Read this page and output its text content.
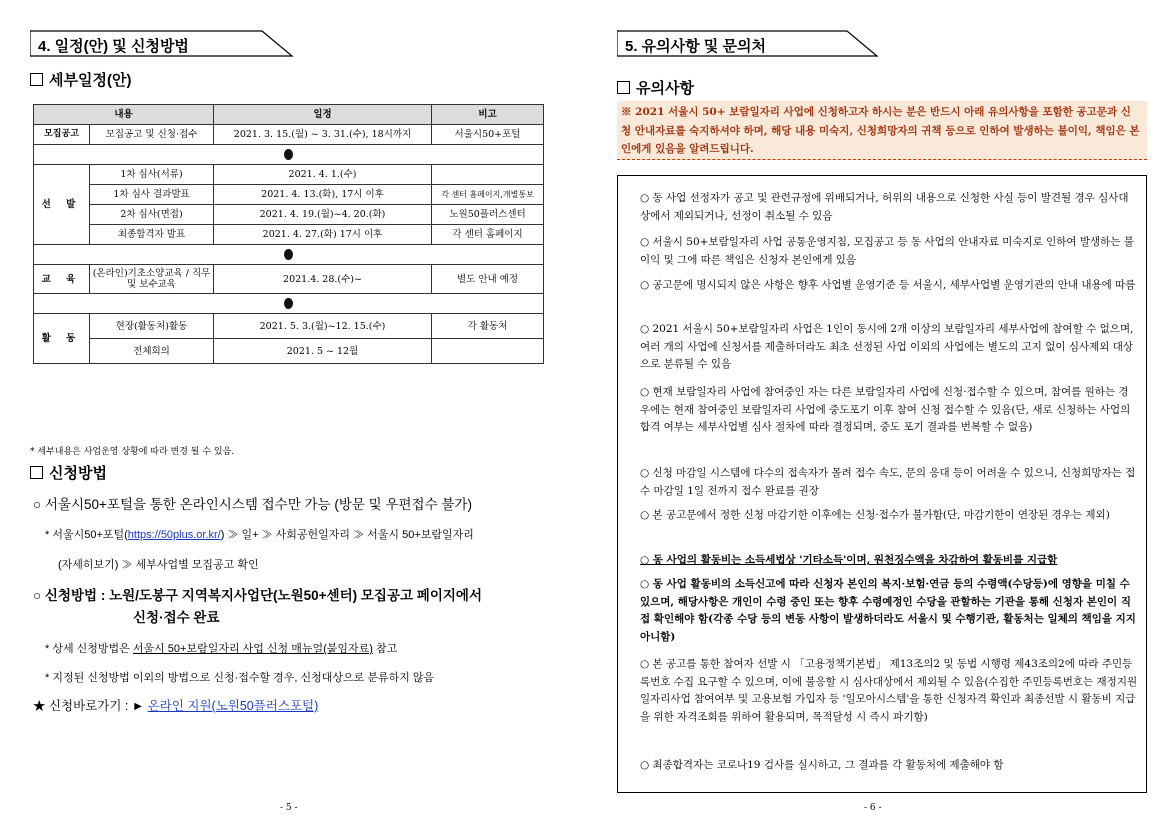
4. 일정(안) 및 신청방법
세부일정(안)
내용		일정	비고
모집공고	모집공고 및 신청·접수	2021. 3. 15.(월) ~ 3. 31.(수), 18시까지	서울시50+포털

선 발	1차 심사(서류)	2021. 4. 1.(수)	
	1차 심사 결과발표	2021. 4. 13.(화), 17시 이후	각 센터 홈페이지,개별통보
	2차 심사(면접)	2021. 4. 19.(월)~4. 20.(화)	노원50플러스센터
	최종합격자 발표	2021. 4. 27.(화) 17시 이후	각 센터 홈페이지

교 육	(온라인)기초소양교육 / 직무 및 보수교육	2021.4. 28.(수)~	별도 안내 예정

활 동	현장(활동처)활동	2021. 5. 3.(월)~12. 15.(수)	각 활동처
	전체회의	2021. 5 ~ 12월	
* 세부내용은 사업운영 상황에 따라 변경 될 수 있음.
신청방법
○ 서울시50+포털을 통한 온라인시스템 접수만 가능 (방문 및 우편접수 불가)
* 서울시50+포털(https://50plus.or.kr/) ≫ 일+ ≫ 사회공헌일자리 ≫ 서울시 50+보람일자리
(자세히보기) ≫ 세부사업별 모집공고 확인
○ 신청방법 : 노원/도봉구 지역복지사업단(노원50+센터) 모집공고 페이지에서
신청·접수 완료
* 상세 신청방법은 서울시 50+보람일자리 사업 신청 매뉴얼(붙임자료) 참고
* 지정된 신청방법 이외의 방법으로 신청·접수할 경우, 신청대상으로 분류하지 않음
★ 신청바로가기 : ► 온라인 지원(노원50플러스포털)
- 5 -
5. 유의사항 및 문의처
유의사항
※ 2021 서울시 50+ 보람일자리 사업에 신청하고자 하시는 분은 반드시 아래 유의사항을 포함한 공고문과 신청 안내자료를 숙지하셔야 하며, 해당 내용 미숙지, 신청희망자의 귀책 등으로 인하여 발생하는 불이익, 책임은 본인에게 있음을 알려드립니다.
○ 동 사업 선정자가 공고 및 관련규정에 위배되거나, 허위의 내용으로 신청한 사실 등이 발견될 경우 심사대상에서 제외되거나, 선정이 취소될 수 있음
○ 서울시 50+보람일자리 사업 공통운영지침, 모집공고 등 동 사업의 안내자료 미숙지로 인하여 발생하는 불이익 및 그에 따른 책임은 신청자 본인에게 있음
○ 공고문에 명시되지 않은 사항은 향후 사업별 운영기준 등 서울시, 세부사업별 운영기관의 안내 내용에 따름
○ 2021 서울시 50+보람일자리 사업은 1인이 동시에 2개 이상의 보람일자리 세부사업에 참여할 수 없으며, 여러 개의 사업에 신청서를 제출하더라도 최초 선정된 사업 이외의 사업에는 별도의 고지 없이 심사제외 대상으로 분류될 수 있음
○ 현재 보람일자리 사업에 참여중인 자는 다른 보람일자리 사업에 신청·접수할 수 있으며, 참여를 원하는 경우에는 현재 참여중인 보람일자리 사업에 중도포기 이후 참여 신청 접수할 수 있음(단, 새로 신청하는 사업의 합격 여부는 세부사업별 심사 절차에 따라 결정되며, 중도 포기 결과를 번복할 수 없음)
○ 신청 마감일 시스템에 다수의 접속자가 몰려 접수 속도, 문의 응대 등이 어려울 수 있으니, 신청희망자는 접수 마감일 1일 전까지 접수 완료를 권장
○ 본 공고문에서 정한 신청 마감기한 이후에는 신청·접수가 불가함(단, 마감기한이 연장된 경우는 제외)
○ 동 사업의 활동비는 소득세법상 '기타소득'이며, 원천징수액을 차감하여 활동비를 지급함
○ 동 사업 활동비의 소득신고에 따라 신청자 본인의 복지·보험·연금 등의 수령액(수당등)에 영향을 미칠 수 있으며, 해당사항은 개인이 수령 중인 또는 향후 수령예정인 수당을 관할하는 기관을 통해 신청자 본인이 직접 확인해야 함(각종 수당 등의 변동 사항이 발생하더라도 서울시 및 수행기관, 활동처는 일체의 책임을 지지 아니함)
○ 본 공고를 통한 참여자 선발 시 「고용정책기본법」 제13조의2 및 동법 시행령 제43조의2에 따라 주민등록번호 수집 요구할 수 있으며, 이에 불응할 시 심사대상에서 제외될 수 있음(수집한 주민등록번호는 재정지원일자리사업 참여여부 및 고용보험 가입자 등 '일모아시스템'을 통한 신청자격 확인과 최종선발 시 활동비 지급을 위한 자격조회를 위하여 활용되며, 목적달성 시 즉시 파기함)
○ 최종합격자는 코로나19 검사를 실시하고, 그 결과를 각 활동처에 제출해야 함
- 6 -
